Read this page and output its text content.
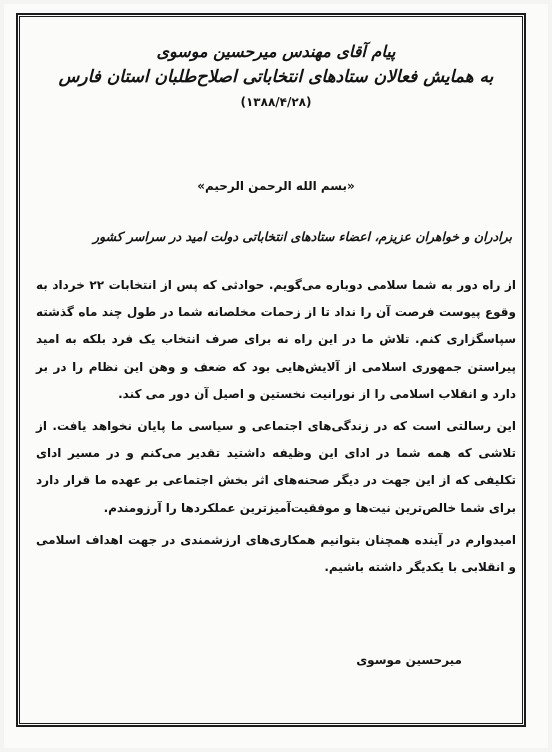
پیام آقای مهندس میرحسین موسوی
به همایش فعالان ستادهای انتخاباتی اصلاح‌طلبان استان فارس
(۱۳۸۸/۴/۲۸)
«بسم الله الرحمن الرحیم»
برادران و خواهران عزیزم، اعضاء ستادهای انتخاباتی دولت امید در سراسر کشور

از راه دور به شما سلامی دوباره می‌گویم. حوادثی که پس از انتخابات ۲۲ خرداد به وقوع پیوست فرصت آن را نداد تا از زحمات مخلصانه شما در طول چند ماه گذشته سپاسگزاری کنم. تلاش ما در این راه نه برای صرف انتخاب یک فرد بلکه به امید پیراستن جمهوری اسلامی از آلایش‌هایی بود که ضعف و وهن این نظام را در بر دارد و انقلاب اسلامی را از نورانیت نخستین و اصیل آن دور می کند.

این رسالتی است که در زندگی‌های اجتماعی و سیاسی ما پایان نخواهد یافت. از تلاشی که همه شما در ادای این وظیفه داشتید تقدیر می‌کنم و در مسیر ادای تکلیفی که از این جهت در دیگر صحنه‌های اثر بخش اجتماعی بر عهده ما قرار دارد برای شما خالص‌ترین نیت‌ها و موفقیت‌آمیزترین عملکردها را آرزومندم.

امیدوارم در آینده همچنان بتوانیم همکاری‌های ارزشمندی در جهت اهداف اسلامی و انقلابی با یکدیگر داشته باشیم.

میرحسین موسوی
